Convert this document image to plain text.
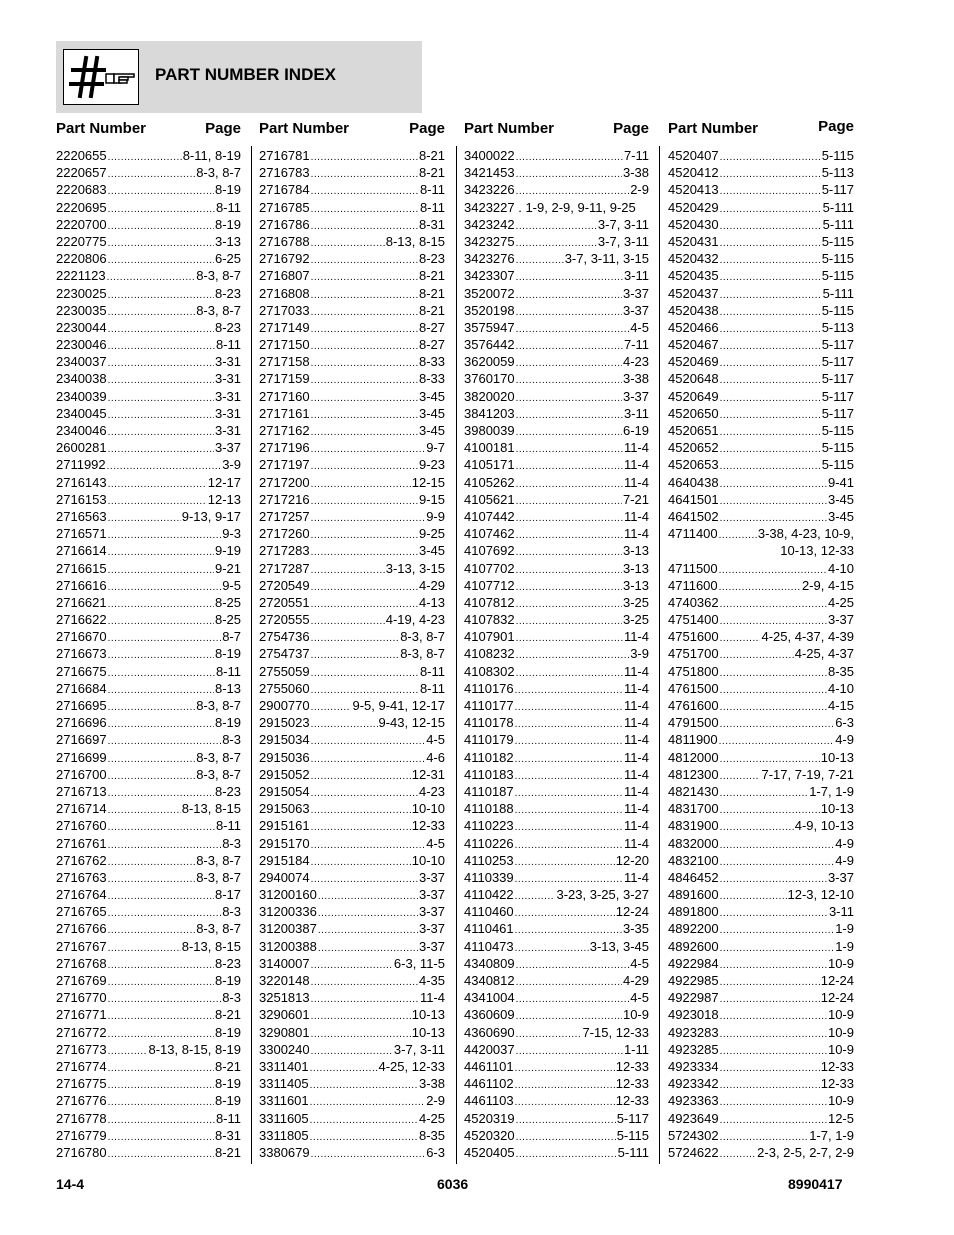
PART NUMBER INDEX
Part Number	Page
2220655 .....	8-11, 8-19
2220657 .....	8-3, 8-7
2220683 .....	8-19
2220695 .....	8-11
2220700 .....	8-19
2220775 .....	3-13
2220806 .....	6-25
2221123 .....	8-3, 8-7
2230025 .....	8-23
2230035 .....	8-3, 8-7
2230044 .....	8-23
2230046 .....	8-11
2340037 .....	3-31
2340038 .....	3-31
2340039 .....	3-31
2340045 .....	3-31
2340046 .....	3-31
2600281 .....	3-37
2711992 .....	3-9
2716143 .....	12-17
2716153 .....	12-13
2716563 .....	9-13, 9-17
2716571 .....	9-3
2716614 .....	9-19
2716615 .....	9-21
2716616 .....	9-5
2716621 .....	8-25
2716622 .....	8-25
2716670 .....	8-7
2716673 .....	8-19
2716675 .....	8-11
2716684 .....	8-13
2716695 .....	8-3, 8-7
2716696 .....	8-19
2716697 .....	8-3
2716699 .....	8-3, 8-7
2716700 .....	8-3, 8-7
2716713 .....	8-23
2716714 .....	8-13, 8-15
2716760 .....	8-11
2716761 .....	8-3
2716762 .....	8-3, 8-7
2716763 .....	8-3, 8-7
2716764 .....	8-17
2716765 .....	8-3
2716766 .....	8-3, 8-7
2716767 .....	8-13, 8-15
2716768 .....	8-23
2716769 .....	8-19
2716770 .....	8-3
2716771 .....	8-21
2716772 .....	8-19
2716773 .....	8-13, 8-15, 8-19
2716774 .....	8-21
2716775 .....	8-19
2716776 .....	8-19
2716778 .....	8-11
2716779 .....	8-31
2716780 .....	8-21
Part Number	Page
2716781 .....	8-21
2716783 .....	8-21
2716784 .....	8-11
2716785 .....	8-11
2716786 .....	8-31
2716788 .....	8-13, 8-15
2716792 .....	8-23
2716807 .....	8-21
2716808 .....	8-21
2717033 .....	8-21
2717149 .....	8-27
2717150 .....	8-27
2717158 .....	8-33
2717159 .....	8-33
2717160 .....	3-45
2717161 .....	3-45
2717162 .....	3-45
2717196 .....	9-7
2717197 .....	9-23
2717200 .....	12-15
2717216 .....	9-15
2717257 .....	9-9
2717260 .....	9-25
2717283 .....	3-45
2717287 .....	3-13, 3-15
2720549 .....	4-29
2720551 .....	4-13
2720555 .....	4-19, 4-23
2754736 .....	8-3, 8-7
2754737 .....	8-3, 8-7
2755059 .....	8-11
2755060 .....	8-11
2900770 .....	9-5, 9-41, 12-17
2915023 .....	9-43, 12-15
2915034 .....	4-5
2915036 .....	4-6
2915052 .....	12-31
2915054 .....	4-23
2915063 .....	10-10
2915161 .....	12-33
2915170 .....	4-5
2915184 .....	10-10
2940074 .....	3-37
31200160 .....	3-37
31200336 .....	3-37
31200387 .....	3-37
31200388 .....	3-37
3140007 .....	6-3, 11-5
3220148 .....	4-35
3251813 .....	11-4
3290601 .....	10-13
3290801 .....	10-13
3300240 .....	3-7, 3-11
3311401 .....	4-25, 12-33
3311405 .....	3-38
3311601 .....	2-9
3311605 .....	4-25
3311805 .....	8-35
3380679 .....	6-3
Part Number	Page
3400022 .....	7-11
3421453 .....	3-38
3423226 .....	2-9
3423227 . 1-9, 2-9, 9-11, 9-25
3423242 .....	3-7, 3-11
3423275 .....	3-7, 3-11
3423276 .....	3-7, 3-11, 3-15
3423307 .....	3-11
3520072 .....	3-37
3520198 .....	3-37
3575947 .....	4-5
3576442 .....	7-11
3620059 .....	4-23
3760170 .....	3-38
3820020 .....	3-37
3841203 .....	3-11
3980039 .....	6-19
4100181 .....	11-4
4105171 .....	11-4
4105262 .....	11-4
4105621 .....	7-21
4107442 .....	11-4
4107462 .....	11-4
4107692 .....	3-13
4107702 .....	3-13
4107712 .....	3-13
4107812 .....	3-25
4107832 .....	3-25
4107901 .....	11-4
4108232 .....	3-9
4108302 .....	11-4
4110176 .....	11-4
4110177 .....	11-4
4110178 .....	11-4
4110179 .....	11-4
4110182 .....	11-4
4110183 .....	11-4
4110187 .....	11-4
4110188 .....	11-4
4110223 .....	11-4
4110226 .....	11-4
4110253 .....	12-20
4110339 .....	11-4
4110422 .....	3-23, 3-25, 3-27
4110460 .....	12-24
4110461 .....	3-35
4110473 .....	3-13, 3-45
4340809 .....	4-5
4340812 .....	4-29
4341004 .....	4-5
4360609 .....	10-9
4360690 .....	7-15, 12-33
4420037 .....	1-11
4461101 .....	12-33
4461102 .....	12-33
4461103 .....	12-33
4520319 .....	5-117
4520320 .....	5-115
4520405 .....	5-111
Part Number	Page
4520407 .....	5-115
4520412 .....	5-113
4520413 .....	5-117
4520429 .....	5-111
4520430 .....	5-111
4520431 .....	5-115
4520432 .....	5-115
4520435 .....	5-115
4520437 .....	5-111
4520438 .....	5-115
4520466 .....	5-113
4520467 .....	5-117
4520469 .....	5-117
4520648 .....	5-117
4520649 .....	5-117
4520650 .....	5-117
4520651 .....	5-115
4520652 .....	5-115
4520653 .....	5-115
4640438 .....	9-41
4641501 .....	3-45
4641502 .....	3-45
4711400 .....	3-38, 4-23, 10-9,
10-13, 12-33
4711500 .....	4-10
4711600 .....	2-9, 4-15
4740362 .....	4-25
4751400 .....	3-37
4751600 .....	4-25, 4-37, 4-39
4751700 .....	4-25, 4-37
4751800 .....	8-35
4761500 .....	4-10
4761600 .....	4-15
4791500 .....	6-3
4811900 .....	4-9
4812000 .....	10-13
4812300 .....	7-17, 7-19, 7-21
4821430 .....	1-7, 1-9
4831700 .....	10-13
4831900 .....	4-9, 10-13
4832000 .....	4-9
4832100 .....	4-9
4846452 .....	3-37
4891600 .....	12-3, 12-10
4891800 .....	3-11
4892200 .....	1-9
4892600 .....	1-9
4922984 .....	10-9
4922985 .....	12-24
4922987 .....	12-24
4923018 .....	10-9
4923283 .....	10-9
4923285 .....	10-9
4923334 .....	12-33
4923342 .....	12-33
4923363 .....	10-9
4923649 .....	12-5
5724302 .....	1-7, 1-9
5724622 .....	2-3, 2-5, 2-7, 2-9
14-4	6036	8990417
